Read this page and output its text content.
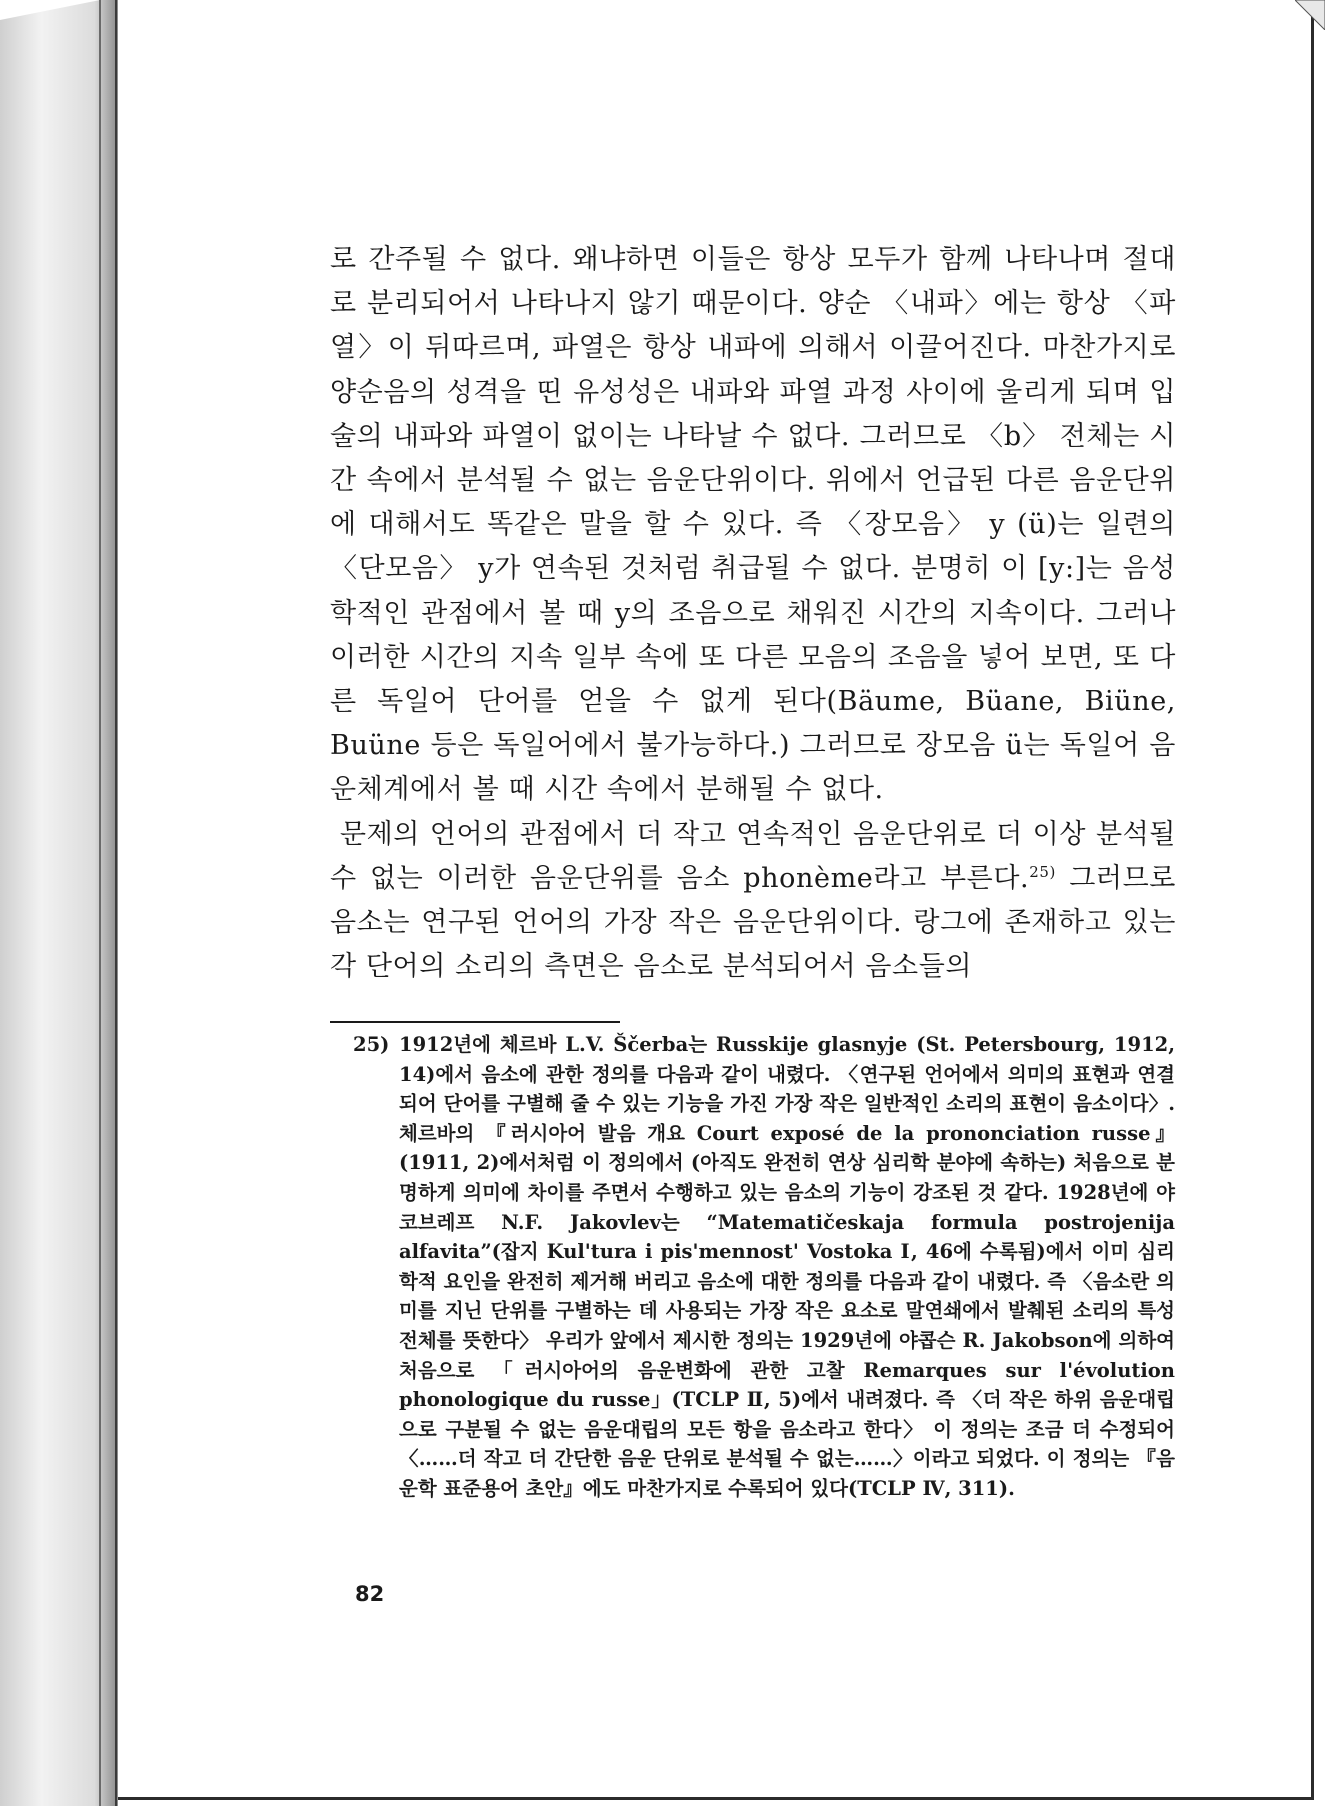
로 간주될 수 없다. 왜냐하면 이들은 항상 모두가 함께 나타나며 절대로 분리되어서 나타나지 않기 때문이다. 양순 〈내파〉에는 항상 〈파열〉이 뒤따르며, 파열은 항상 내파에 의해서 이끌어진다. 마찬가지로 양순음의 성격을 띤 유성성은 내파와 파열 과정 사이에 울리게 되며 입술의 내파와 파열이 없이는 나타날 수 없다. 그러므로 〈b〉 전체는 시간 속에서 분석될 수 없는 음운단위이다. 위에서 언급된 다른 음운단위에 대해서도 똑같은 말을 할 수 있다. 즉 〈장모음〉 y (ü)는 일련의 〈단모음〉 y가 연속된 것처럼 취급될 수 없다. 분명히 이 [y:]는 음성학적인 관점에서 볼 때 y의 조음으로 채워진 시간의 지속이다. 그러나 이러한 시간의 지속 일부 속에 또 다른 모음의 조음을 넣어 보면, 또 다른 독일어 단어를 얻을 수 없게 된다(Bäume, Büane, Biüne, Buüne 등은 독일어에서 불가능하다.) 그러므로 장모음 ü는 독일어 음운체계에서 볼 때 시간 속에서 분해될 수 없다.

문제의 언어의 관점에서 더 작고 연속적인 음운단위로 더 이상 분석될 수 없는 이러한 음운단위를 음소 phonème라고 부른다.$^{25)}$ 그러므로 음소는 연구된 언어의 가장 작은 음운단위이다. 랑그에 존재하고 있는 각 단어의 소리의 측면은 음소로 분석되어서 음소들의

25) 1912년에 체르바 L.V. Ščerba는 Russkije glasnyje (St. Petersbourg, 1912, 14)에서 음소에 관한 정의를 다음과 같이 내렸다. 〈연구된 언어에서 의미의 표현과 연결되어 단어를 구별해 줄 수 있는 기능을 가진 가장 작은 일반적인 소리의 표현이 음소이다〉. 체르바의 『러시아어 발음 개요 Court exposé de la prononciation russe』(1911, 2)에서처럼 이 정의에서 (아직도 완전히 연상 심리학 분야에 속하는) 처음으로 분명하게 의미에 차이를 주면서 수행하고 있는 음소의 기능이 강조된 것 같다. 1928년에 야코브레프 N.F. Jakovlev는 “Matematičeskaja formula postrojenija alfavita”(잡지 Kul'tura i pis'mennost' Vostoka Ⅰ, 46에 수록됨)에서 이미 심리학적 요인을 완전히 제거해 버리고 음소에 대한 정의를 다음과 같이 내렸다. 즉 〈음소란 의미를 지닌 단위를 구별하는 데 사용되는 가장 작은 요소로 말연쇄에서 발췌된 소리의 특성 전체를 뜻한다〉 우리가 앞에서 제시한 정의는 1929년에 야콥슨 R. Jakobson에 의하여 처음으로 「러시아어의 음운변화에 관한 고찰 Remarques sur l'évolution phonologique du russe」(TCLP Ⅱ, 5)에서 내려졌다. 즉 〈더 작은 하위 음운대립으로 구분될 수 없는 음운대립의 모든 항을 음소라고 한다〉 이 정의는 조금 더 수정되어 〈……더 작고 더 간단한 음운 단위로 분석될 수 없는……〉이라고 되었다. 이 정의는 『음운학 표준용어 초안』에도 마찬가지로 수록되어 있다(TCLP Ⅳ, 311).
82
